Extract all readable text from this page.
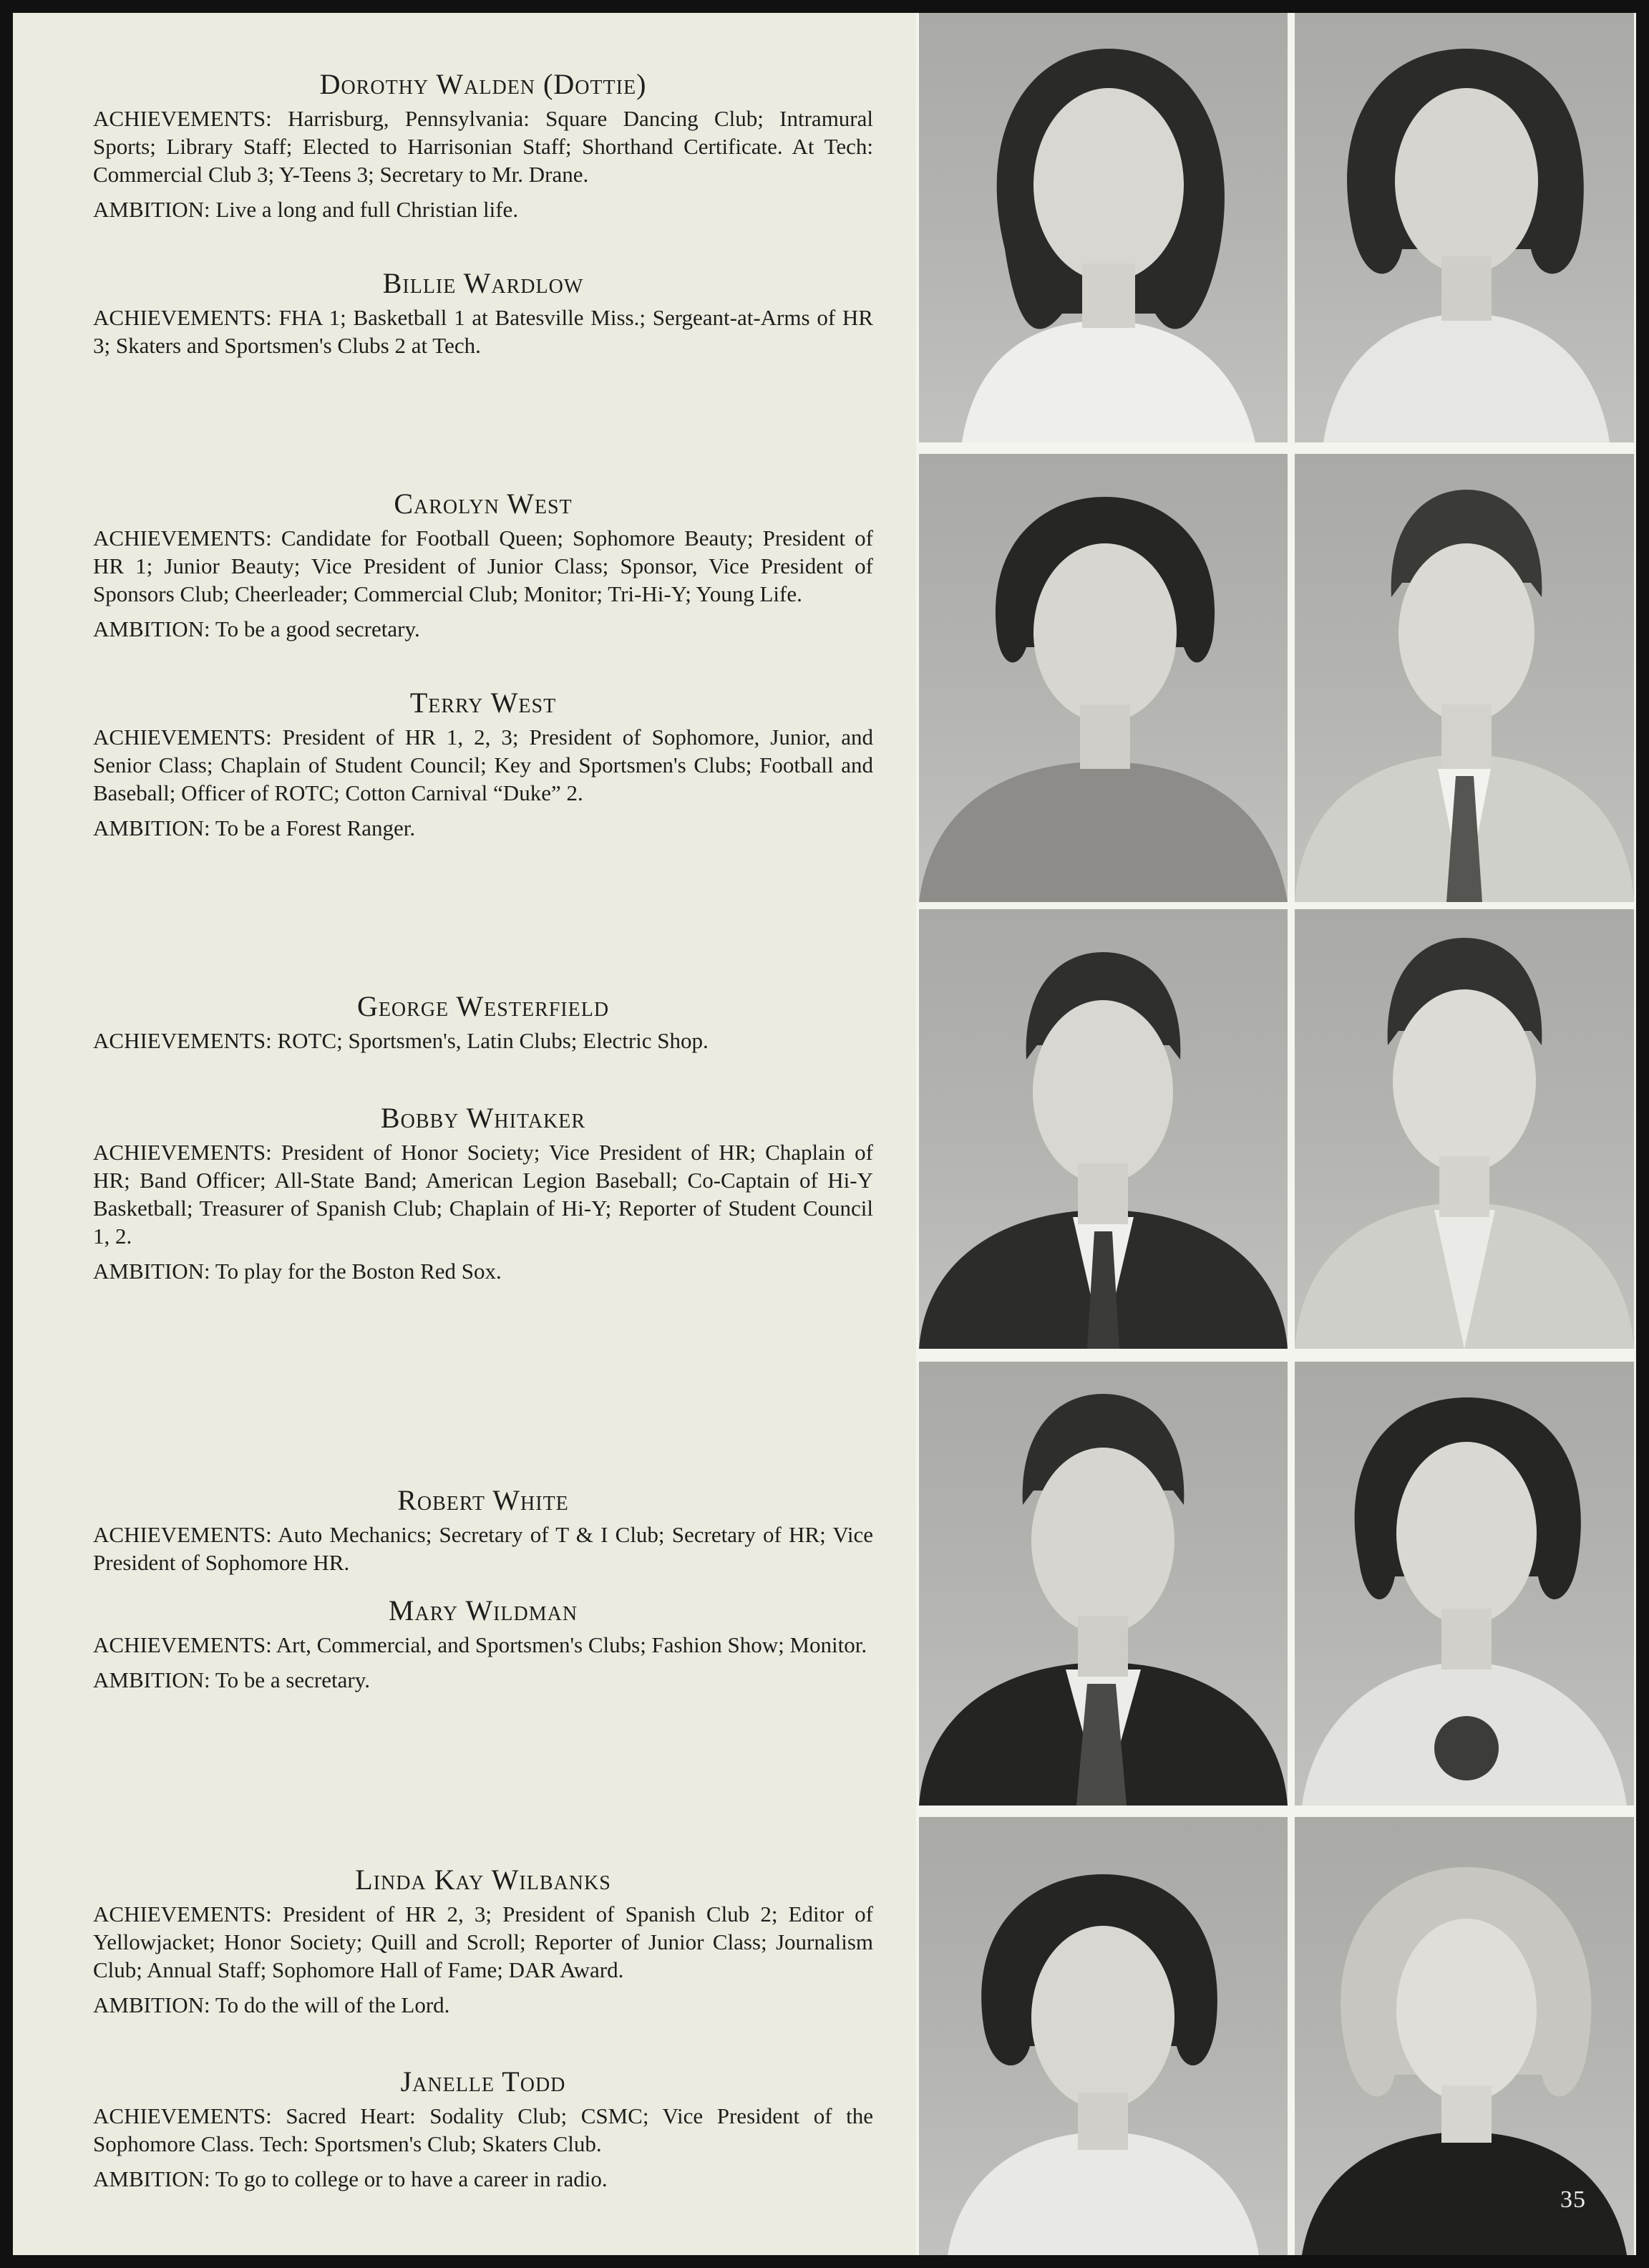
Dorothy Walden (Dottie)

ACHIEVEMENTS: Harrisburg, Pennsylvania: Square Dancing Club; Intramural Sports; Library Staff; Elected to Harrisonian Staff; Shorthand Certificate. At Tech: Commercial Club 3; Y-Teens 3; Secretary to Mr. Drane.

AMBITION: Live a long and full Christian life.

Billie Wardlow

ACHIEVEMENTS: FHA 1; Basketball 1 at Batesville Miss.; Sergeant-at-Arms of HR 3; Skaters and Sportsmen's Clubs 2 at Tech.

Carolyn West

ACHIEVEMENTS: Candidate for Football Queen; Sophomore Beauty; President of HR 1; Junior Beauty; Vice President of Junior Class; Sponsor, Vice President of Sponsors Club; Cheerleader; Commercial Club; Monitor; Tri-Hi-Y; Young Life.

AMBITION: To be a good secretary.

Terry West

ACHIEVEMENTS: President of HR 1, 2, 3; President of Sophomore, Junior, and Senior Class; Chaplain of Student Council; Key and Sportsmen's Clubs; Football and Baseball; Officer of ROTC; Cotton Carnival “Duke” 2.

AMBITION: To be a Forest Ranger.

George Westerfield

ACHIEVEMENTS: ROTC; Sportsmen's, Latin Clubs; Electric Shop.

Bobby Whitaker

ACHIEVEMENTS: President of Honor Society; Vice President of HR; Chaplain of HR; Band Officer; All-State Band; American Legion Baseball; Co-Captain of Hi-Y Basketball; Treasurer of Spanish Club; Chaplain of Hi-Y; Reporter of Student Council 1, 2.

AMBITION: To play for the Boston Red Sox.

Robert White

ACHIEVEMENTS: Auto Mechanics; Secretary of T & I Club; Secretary of HR; Vice President of Sophomore HR.

Mary Wildman

ACHIEVEMENTS: Art, Commercial, and Sportsmen's Clubs; Fashion Show; Monitor.

AMBITION: To be a secretary.

Linda Kay Wilbanks

ACHIEVEMENTS: President of HR 2, 3; President of Spanish Club 2; Editor of Yellowjacket; Honor Society; Quill and Scroll; Reporter of Junior Class; Journalism Club; Annual Staff; Sophomore Hall of Fame; DAR Award.

AMBITION: To do the will of the Lord.

Janelle Todd

ACHIEVEMENTS: Sacred Heart: Sodality Club; CSMC; Vice President of the Sophomore Class. Tech: Sportsmen's Club; Skaters Club.

AMBITION: To go to college or to have a career in radio.

35
